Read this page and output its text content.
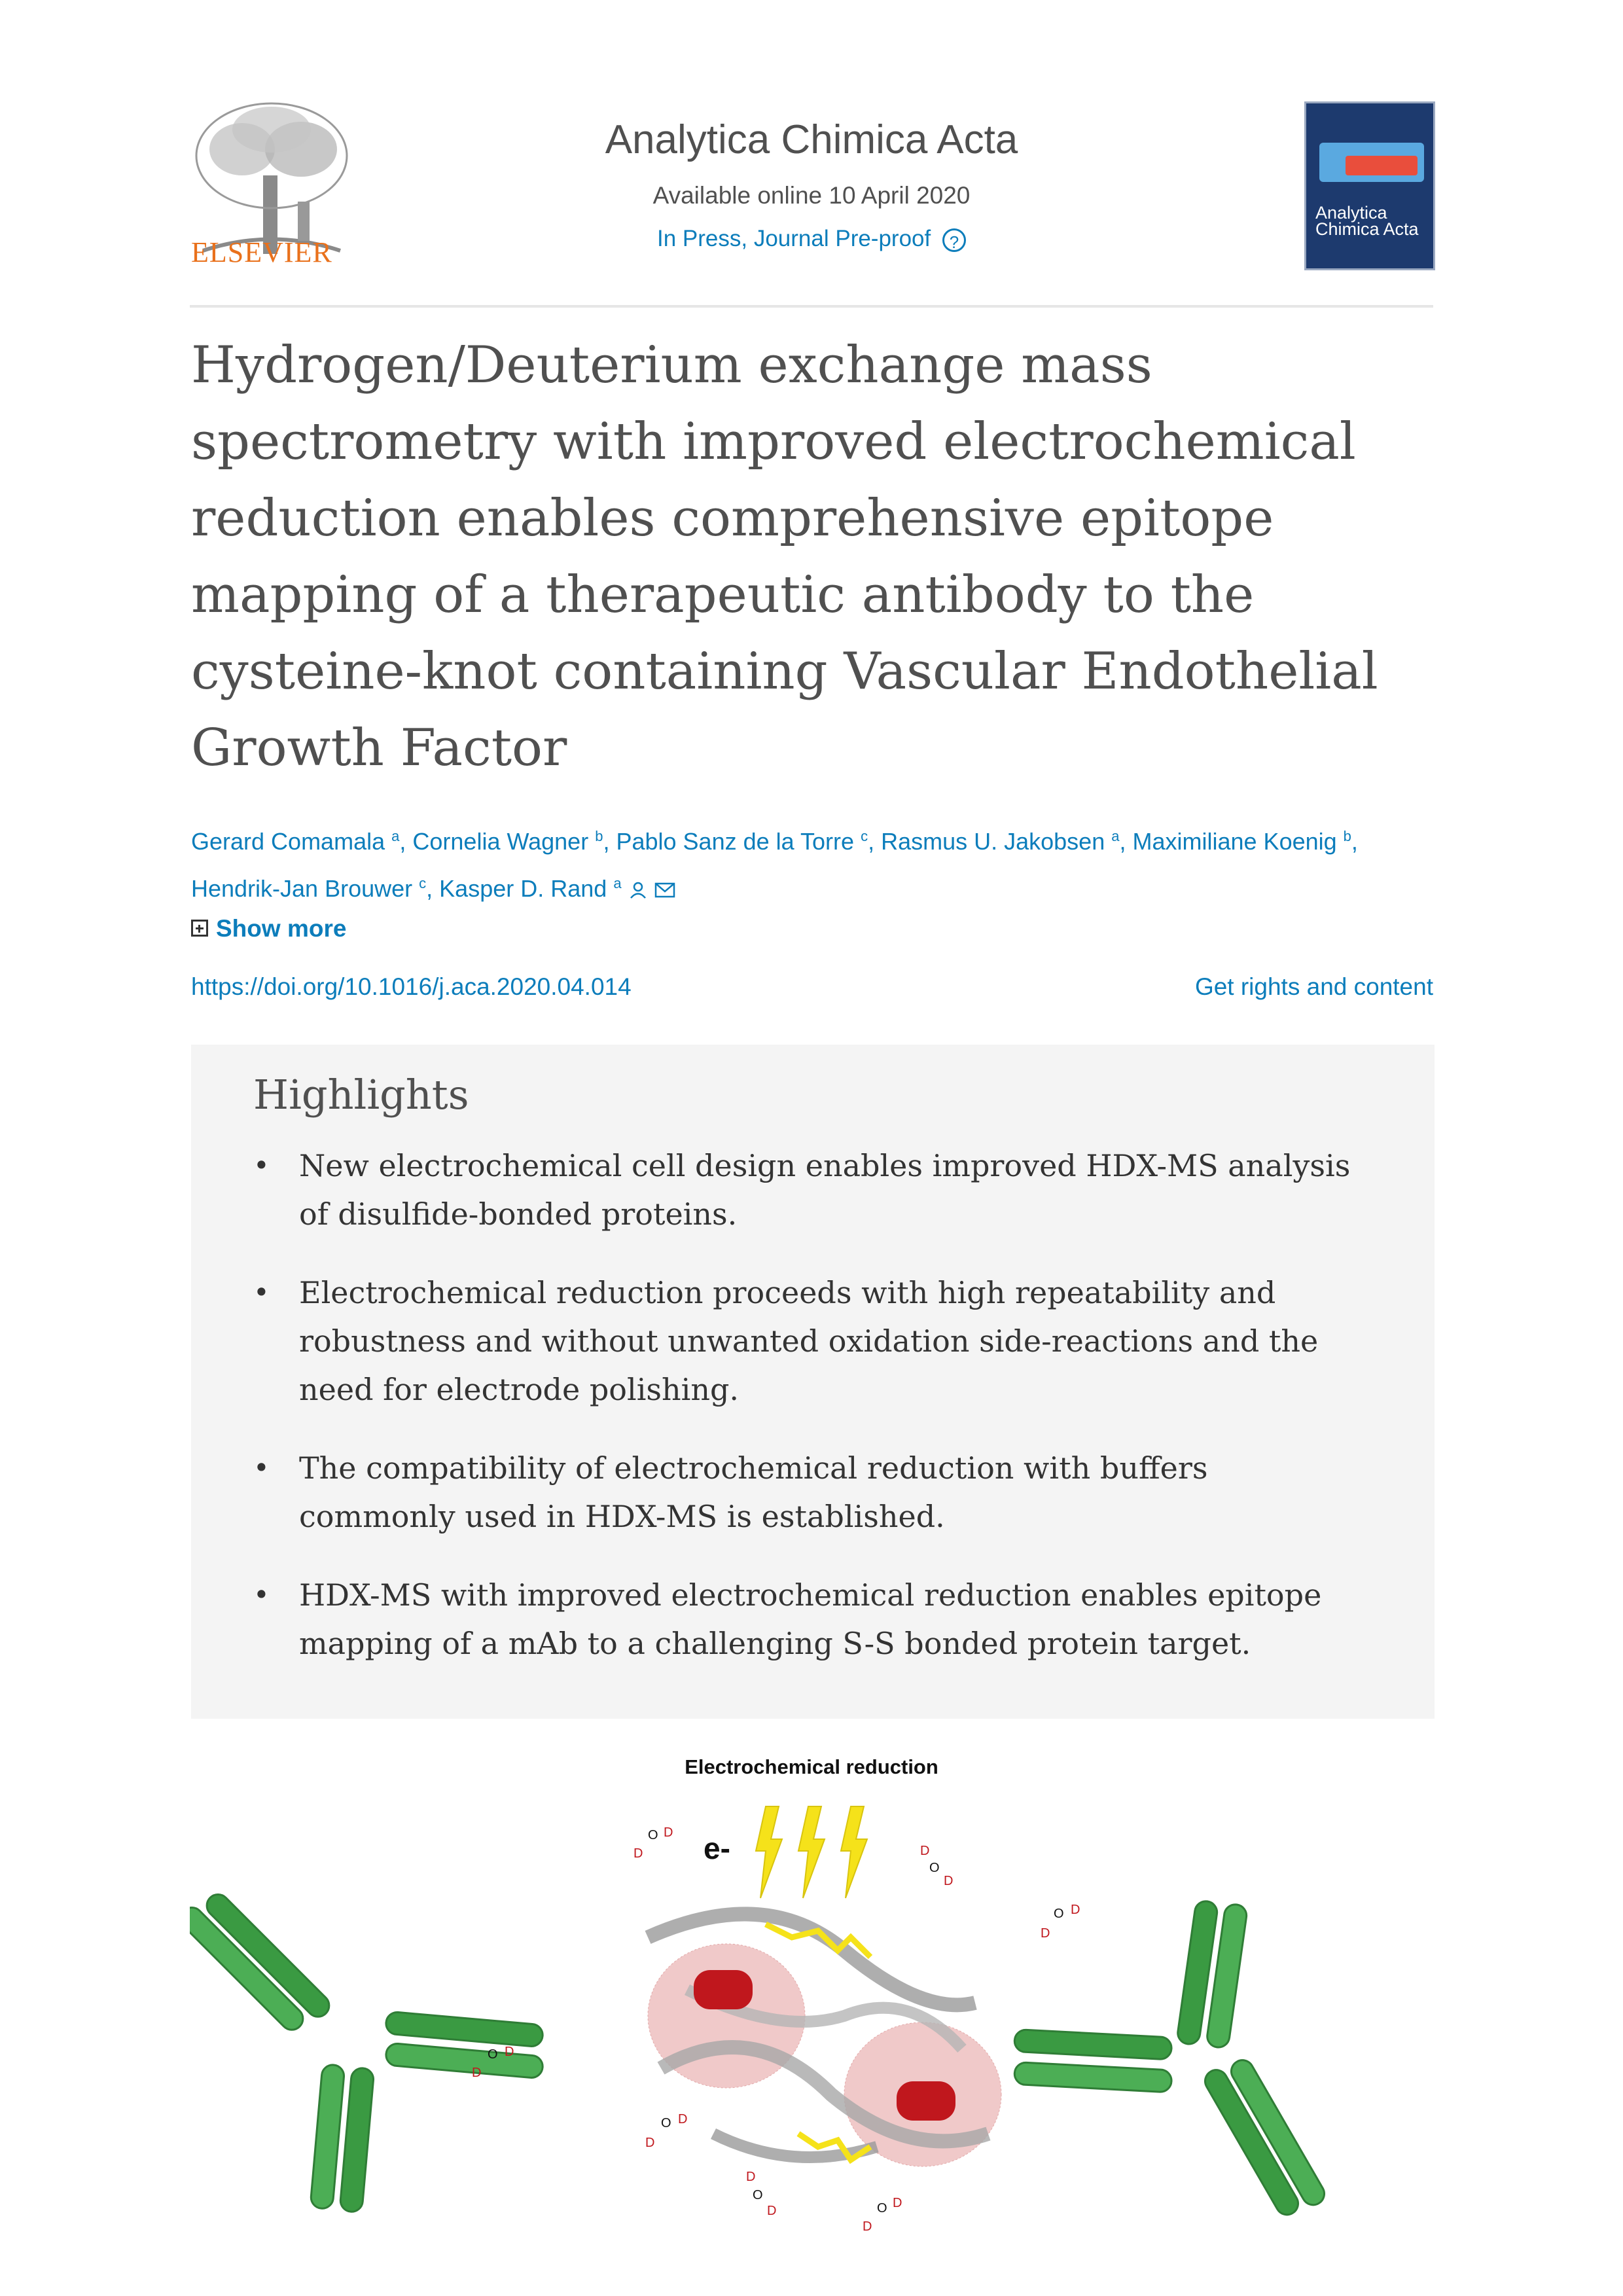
ELSEVIER
Analytica Chimica Acta
Available online 10 April 2020
In Press, Journal Pre-proof ?
Analytica Chimica Acta
Hydrogen/Deuterium exchange mass spectrometry with improved electrochemical reduction enables comprehensive epitope mapping of a therapeutic antibody to the cysteine-knot containing Vascular Endothelial Growth Factor
Gerard Comamala $^a$, Cornelia Wagner $^b$, Pablo Sanz de la Torre $^c$, Rasmus U. Jakobsen $^a$, Maximiliane Koenig $^b$,
Hendrik-Jan Brouwer $^c$, Kasper D. Rand $^a$
Show more
https://doi.org/10.1016/j.aca.2020.04.014	Get rights and content
Highlights
• New electrochemical cell design enables improved HDX-MS analysis of disulfide-bonded proteins.
• Electrochemical reduction proceeds with high repeatability and robustness and without unwanted oxidation side-reactions and the need for electrode polishing.
• The compatibility of electrochemical reduction with buffers commonly used in HDX-MS is established.
• HDX-MS with improved electrochemical reduction enables epitope mapping of a mAb to a challenging S-S bonded protein target.
Electrochemical reduction
e-
O
D
D
O
D
D
O
D
D
O
D
D
O
D
D
O
D
D	O
D
D
